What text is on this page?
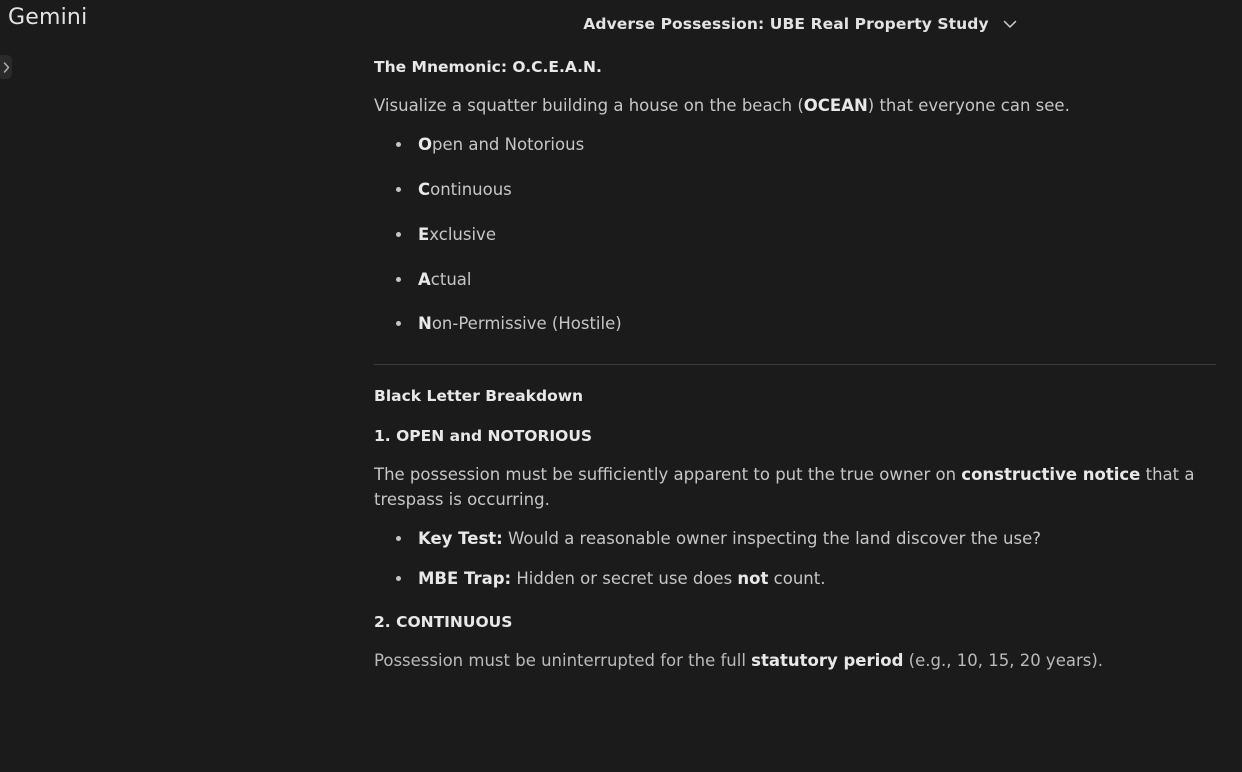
Gemini	Adverse Possession: UBE Real Property Study
The Mnemonic: O.C.E.A.N.

Visualize a squatter building a house on the beach (OCEAN) that everyone can see.

Open and Notorious
Continuous
Exclusive
Actual
Non-Permissive (Hostile)
Black Letter Breakdown
1. OPEN and NOTORIOUS

The possession must be sufficiently apparent to put the true owner on constructive notice that a trespass is occurring.

Key Test: Would a reasonable owner inspecting the land discover the use?
MBE Trap: Hidden or secret use does not count.
2. CONTINUOUS

Possession must be uninterrupted for the full statutory period (e.g., 10, 15, 20 years).
